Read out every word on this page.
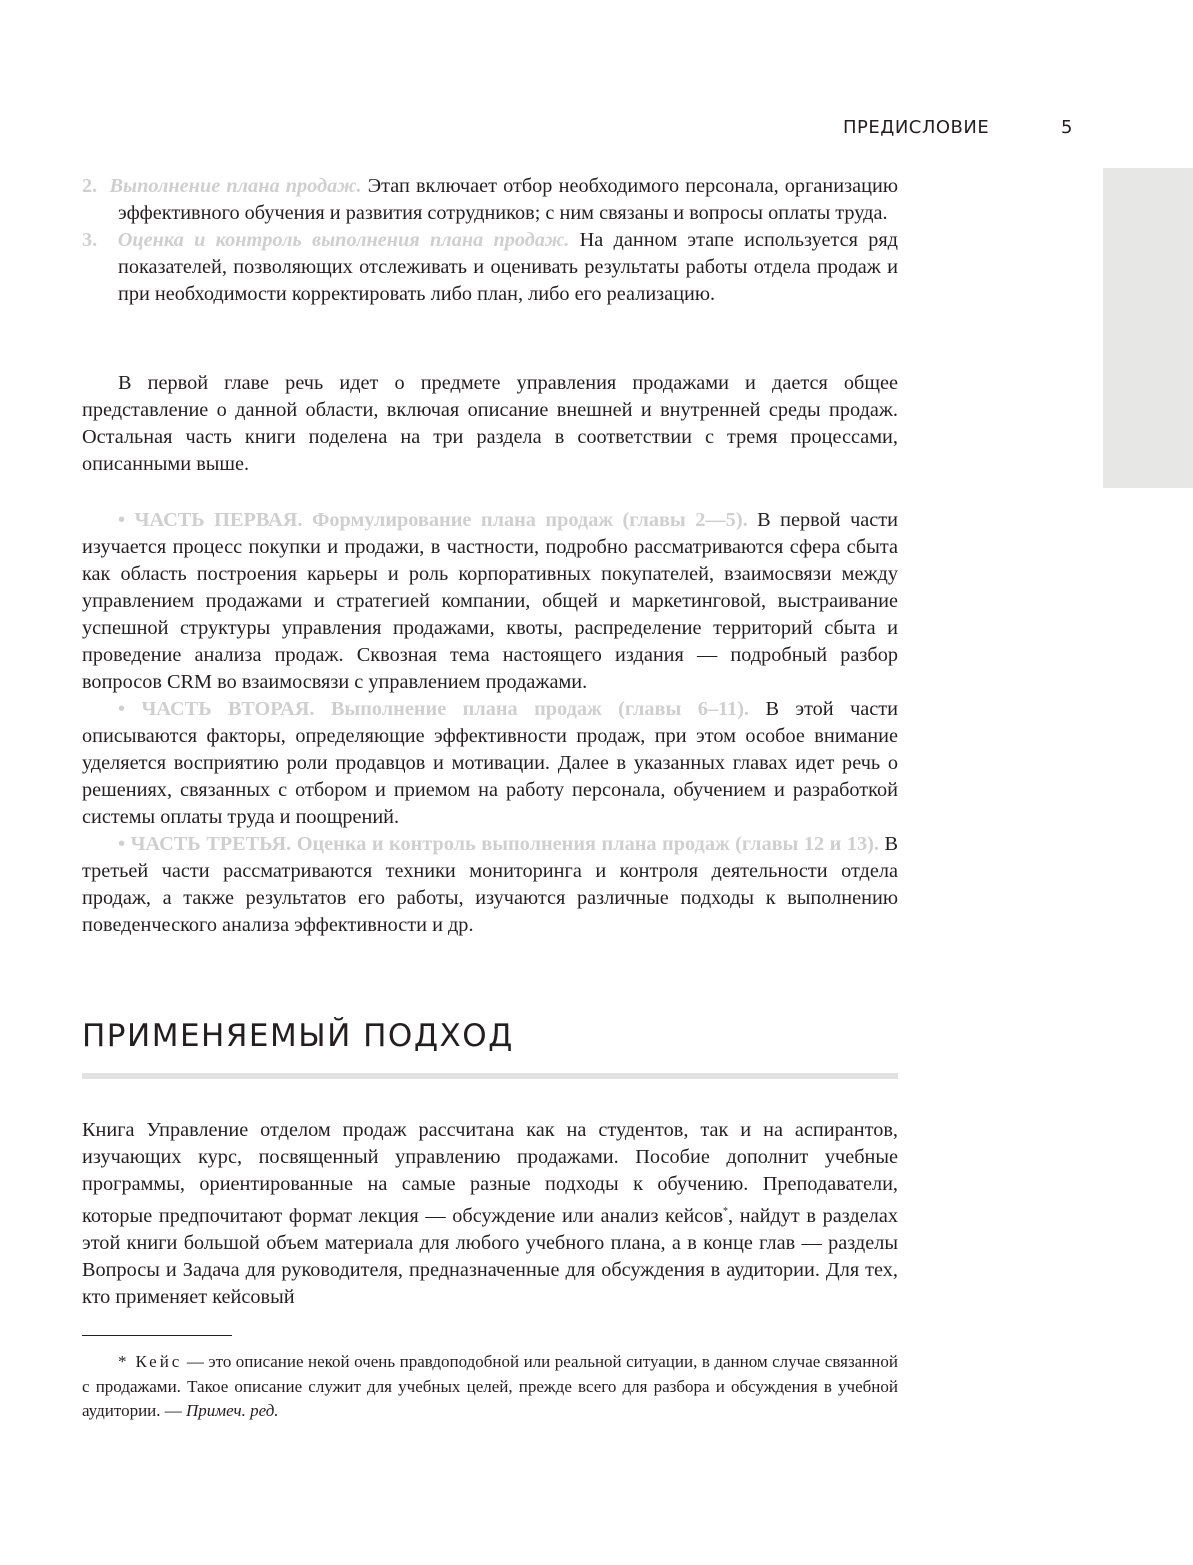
ПРЕДИСЛОВИЕ	5

2. Выполнение плана продаж. Этап включает отбор необходимого персонала, организацию эффективного обучения и развития сотрудников; с ним связаны и вопросы оплаты труда.

3. Оценка и контроль выполнения плана продаж. На данном этапе используется ряд показателей, позволяющих отслеживать и оценивать результаты работы отдела продаж и при необходимости корректировать либо план, либо его реализацию.

В первой главе речь идет о предмете управления продажами и дается общее представление о данной области, включая описание внешней и внутренней среды продаж. Остальная часть книги поделена на три раздела в соответствии с тремя процессами, описанными выше.

• ЧАСТЬ ПЕРВАЯ. Формулирование плана продаж (главы 2—5). В первой части изучается процесс покупки и продажи, в частности, подробно рассматриваются сфера сбыта как область построения карьеры и роль корпоративных покупателей, взаимосвязи между управлением продажами и стратегией компании, общей и маркетинговой, выстраивание успешной структуры управления продажами, квоты, распределение территорий сбыта и проведение анализа продаж. Сквозная тема настоящего издания — подробный разбор вопросов CRM во взаимосвязи с управлением продажами.

• ЧАСТЬ ВТОРАЯ. Выполнение плана продаж (главы 6–11). В этой части описываются факторы, определяющие эффективности продаж, при этом особое внимание уделяется восприятию роли продавцов и мотивации. Далее в указанных главах идет речь о решениях, связанных с отбором и приемом на работу персонала, обучением и разработкой системы оплаты труда и поощрений.

• ЧАСТЬ ТРЕТЬЯ. Оценка и контроль выполнения плана продаж (главы 12 и 13). В третьей части рассматриваются техники мониторинга и контроля деятельности отдела продаж, а также результатов его работы, изучаются различные подходы к выполнению поведенческого анализа эффективности и др.

ПРИМЕНЯЕМЫЙ ПОДХОД

Книга Управление отделом продаж рассчитана как на студентов, так и на аспирантов, изучающих курс, посвященный управлению продажами. Пособие дополнит учебные программы, ориентированные на самые разные подходы к обучению. Преподаватели, которые предпочитают формат лекция — обсуждение или анализ кейсов*, найдут в разделах этой книги большой объем материала для любого учебного плана, а в конце глав — разделы Вопросы и Задача для руководителя, предназначенные для обсуждения в аудитории. Для тех, кто применяет кейсовый

* Кейс — это описание некой очень правдоподобной или реальной ситуации, в данном случае связанной с продажами. Такое описание служит для учебных целей, прежде всего для разбора и обсуждения в учебной аудитории. — Примеч. ред.
